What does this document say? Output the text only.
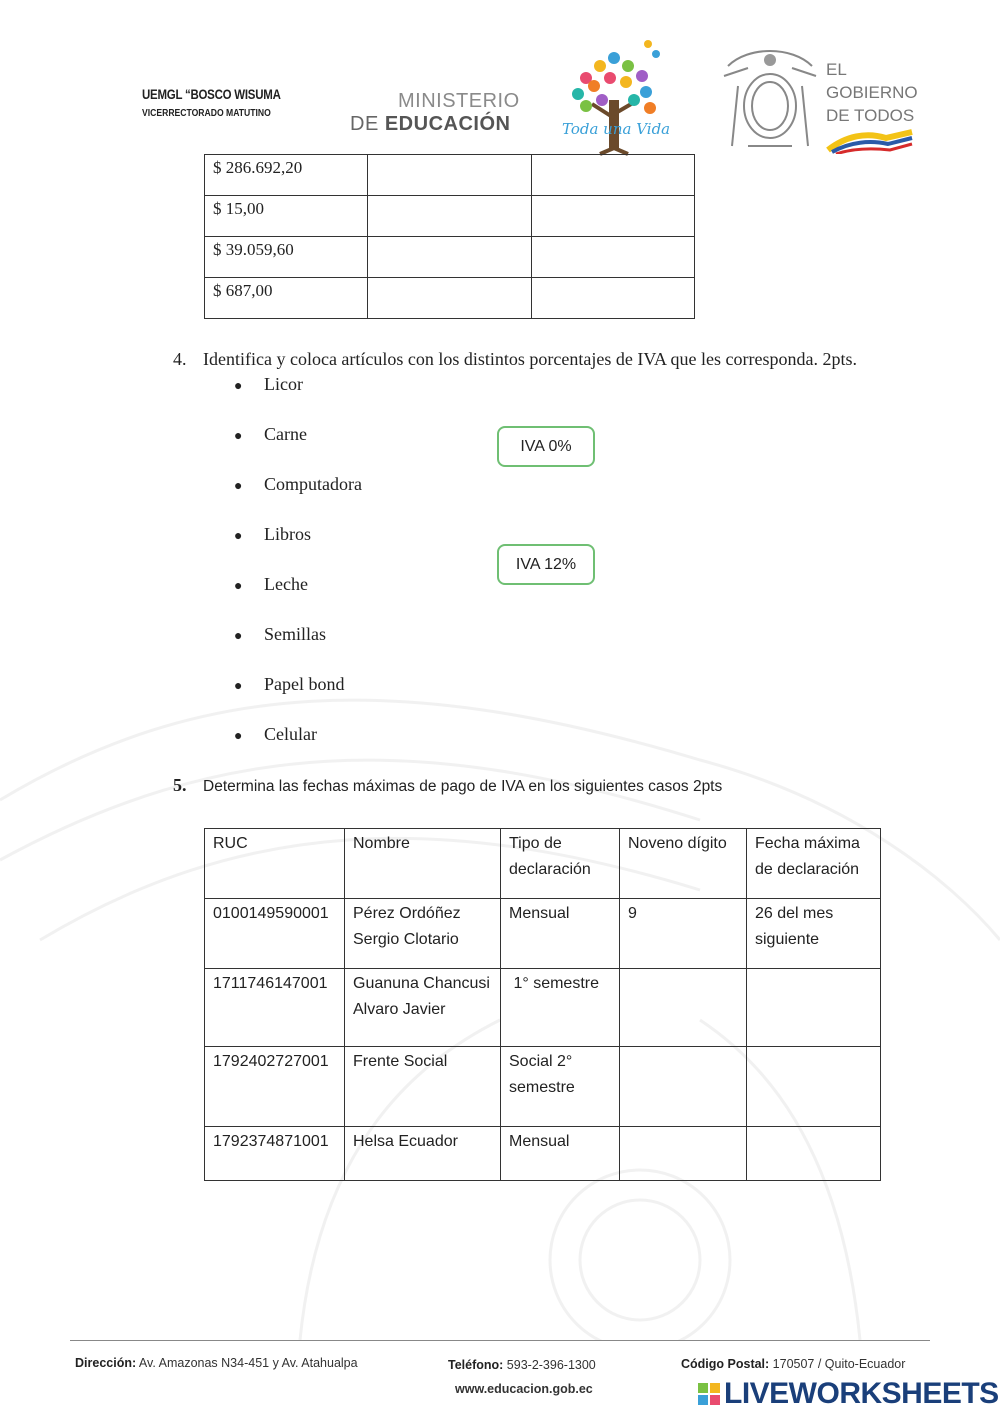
UEMGL “BOSCO WISUMA
VICERRECTORADO MATUTINO
MINISTERIO
DE EDUCACIÓN	Toda una Vida
EL
GOBIERNO
DE TODOS
$ 286.692,20		
$ 15,00		
$ 39.059,60		
$ 687,00		
4. Identifica y coloca artículos con los distintos porcentajes de IVA que les corresponda. 2pts.
● Licor
● Carne
● Computadora
● Libros
● Leche
● Semillas
● Papel bond
● Celular
IVA 0%
IVA 12%
5. Determina las fechas máximas de pago de IVA en los siguientes casos 2pts
RUC	Nombre	Tipo de declaración	Noveno dígito	Fecha máxima de declaración
0100149590001	Pérez Ordóñez Sergio Clotario	Mensual	9	26 del mes siguiente
1711746147001	Guanuna Chancusi Alvaro Javier	1° semestre		
1792402727001	Frente Social	Social 2° semestre		
1792374871001	Helsa Ecuador	Mensual		
Dirección: Av. Amazonas N34-451 y Av. Atahualpa	Teléfono: 593-2-396-1300	Código Postal: 170507 / Quito-Ecuador
www.educacion.gob.ec	LIVEWORKSHEETS
